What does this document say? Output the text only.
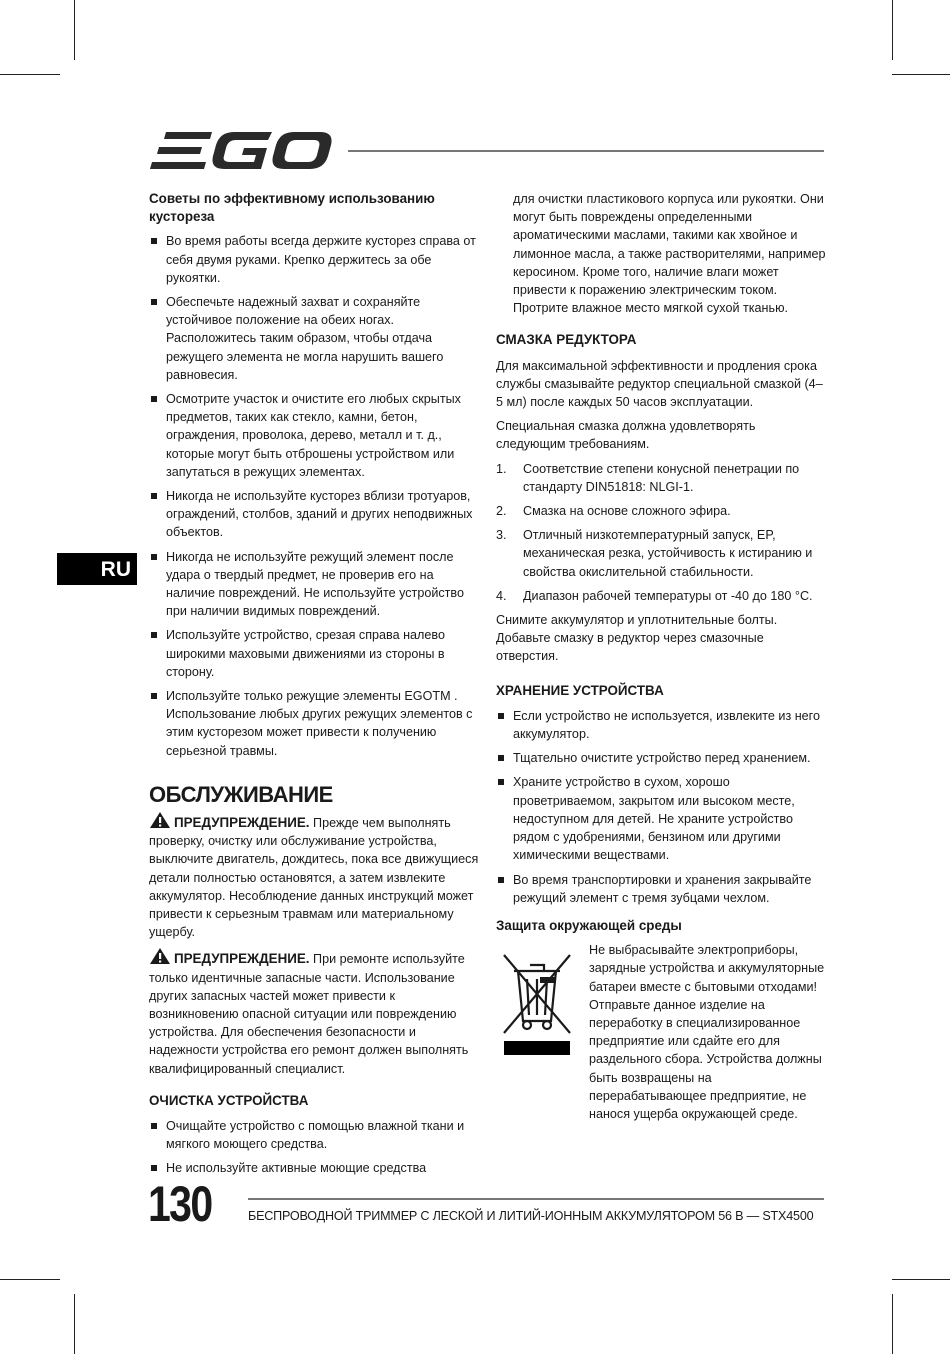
RU
Советы по эффективному использованию кустореза
Во время работы всегда держите кусторез справа от себя двумя руками. Крепко держитесь за обе рукоятки.
Обеспечьте надежный захват и сохраняйте устойчивое положение на обеих ногах. Расположитесь таким образом, чтобы отдача режущего элемента не могла нарушить вашего равновесия.
Осмотрите участок и очистите его любых скрытых предметов, таких как стекло, камни, бетон, ограждения, проволока, дерево, металл и т. д., которые могут быть отброшены устройством или запутаться в режущих элементах.
Никогда не используйте кусторез вблизи тротуаров, ограждений, столбов, зданий и других неподвижных объектов.
Никогда не используйте режущий элемент после удара о твердый предмет, не проверив его на наличие повреждений. Не используйте устройство при наличии видимых повреждений.
Используйте устройство, срезая справа налево широкими маховыми движениями из стороны в сторону.
Используйте только режущие элементы EGOTM . Использование любых других режущих элементов с этим кусторезом может привести к получению серьезной травмы.
ОБСЛУЖИВАНИЕ

ПРЕДУПРЕЖДЕНИЕ. Прежде чем выполнять проверку, очистку или обслуживание устройства, выключите двигатель, дождитесь, пока все движущиеся детали полностью остановятся, а затем извлеките аккумулятор. Несоблюдение данных инструкций может привести к серьезным травмам или материальному ущербу.

ПРЕДУПРЕЖДЕНИЕ. При ремонте используйте только идентичные запасные части. Использование других запасных частей может привести к возникновению опасной ситуации или повреждению устройства. Для обеспечения безопасности и надежности устройства его ремонт должен выполнять квалифицированный специалист.

ОЧИСТКА УСТРОЙСТВА
Очищайте устройство с помощью влажной ткани и мягкого моющего средства.
Не используйте активные моющие средства
для очистки пластикового корпуса или рукоятки. Они могут быть повреждены определенными ароматическими маслами, такими как хвойное и лимонное масла, а также растворителями, например керосином. Кроме того, наличие влаги может привести к поражению электрическим током. Протрите влажное место мягкой сухой тканью.
СМАЗКА РЕДУКТОРА

Для максимальной эффективности и продления срока службы смазывайте редуктор специальной смазкой (4–5 мл) после каждых 50 часов эксплуатации.

Специальная смазка должна удовлетворять следующим требованиям.

1. Соответствие степени конусной пенетрации по стандарту DIN51818: NLGI-1.
2. Смазка на основе сложного эфира.
3. Отличный низкотемпературный запуск, EP, механическая резка, устойчивость к истиранию и свойства окислительной стабильности.
4. Диапазон рабочей температуры от -40 до 180 °C.

Снимите аккумулятор и уплотнительные болты. Добавьте смазку в редуктор через смазочные отверстия.

ХРАНЕНИЕ УСТРОЙСТВА
Если устройство не используется, извлеките из него аккумулятор.
Тщательно очистите устройство перед хранением.
Храните устройство в сухом, хорошо проветриваемом, закрытом или высоком месте, недоступном для детей. Не храните устройство рядом с удобрениями, бензином или другими химическими веществами.
Во время транспортировки и хранения закрывайте режущий элемент с тремя зубцами чехлом.
Защита окружающей среды
Не выбрасывайте электроприборы, зарядные устройства и аккумуляторные батареи вместе с бытовыми отходами! Отправьте данное изделие на переработку в специализированное предприятие или сдайте его для раздельного сбора. Устройства должны быть возвращены на перерабатывающее предприятие, не нанося ущерба окружающей среде.
130	БЕСПРОВОДНОЙ ТРИММЕР С ЛЕСКОЙ И ЛИТИЙ-ИОННЫМ АККУМУЛЯТОРОМ 56 В — STX4500
